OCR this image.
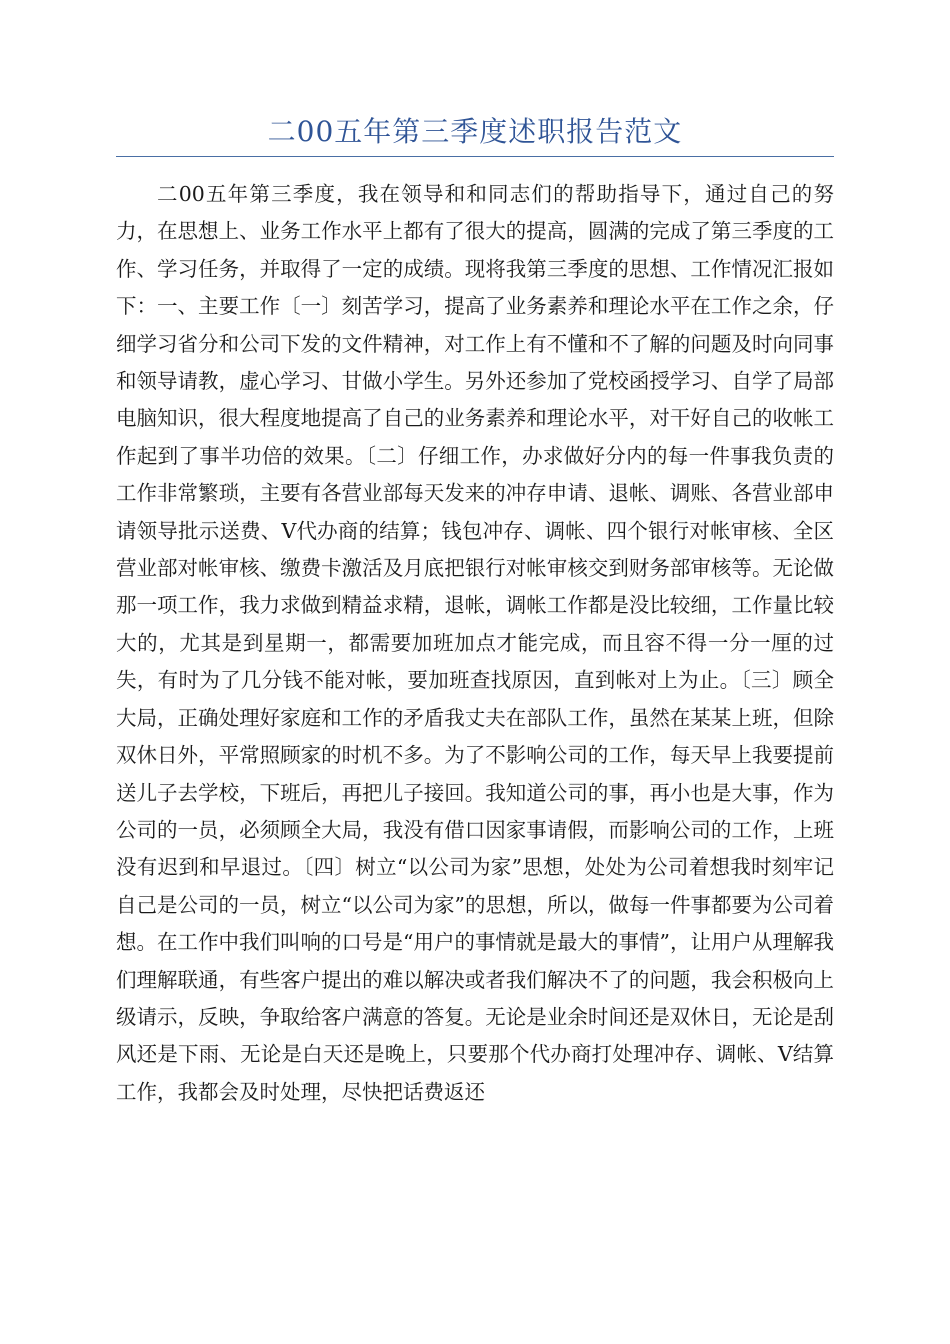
二00五年第三季度述职报告范文

二00五年第三季度，我在领导和和同志们的帮助指导下，通过自己的努力，在思想上、业务工作水平上都有了很大的提高，圆满的完成了第三季度的工作、学习任务，并取得了一定的成绩。现将我第三季度的思想、工作情况汇报如下：一、主要工作〔一〕刻苦学习，提高了业务素养和理论水平在工作之余，仔细学习省分和公司下发的文件精神，对工作上有不懂和不了解的问题及时向同事和领导请教，虚心学习、甘做小学生。另外还参加了党校函授学习、自学了局部电脑知识，很大程度地提高了自己的业务素养和理论水平，对干好自己的收帐工作起到了事半功倍的效果。〔二〕仔细工作，办求做好分内的每一件事我负责的工作非常繁琐，主要有各营业部每天发来的冲存申请、退帐、调账、各营业部申请领导批示送费、V代办商的结算；钱包冲存、调帐、四个银行对帐审核、全区营业部对帐审核、缴费卡激活及月底把银行对帐审核交到财务部审核等。无论做那一项工作，我力求做到精益求精，退帐，调帐工作都是没比较细，工作量比较大的，尤其是到星期一，都需要加班加点才能完成，而且容不得一分一厘的过失，有时为了几分钱不能对帐，要加班查找原因，直到帐对上为止。〔三〕顾全大局，正确处理好家庭和工作的矛盾我丈夫在部队工作，虽然在某某上班，但除双休日外，平常照顾家的时机不多。为了不影响公司的工作，每天早上我要提前送儿子去学校，下班后，再把儿子接回。我知道公司的事，再小也是大事，作为公司的一员，必须顾全大局，我没有借口因家事请假，而影响公司的工作，上班没有迟到和早退过。〔四〕树立“以公司为家”思想，处处为公司着想我时刻牢记自己是公司的一员，树立“以公司为家”的思想，所以，做每一件事都要为公司着想。在工作中我们叫响的口号是“用户的事情就是最大的事情”，让用户从理解我们理解联通，有些客户提出的难以解决或者我们解决不了的问题，我会积极向上级请示，反映，争取给客户满意的答复。无论是业余时间还是双休日，无论是刮风还是下雨、无论是白天还是晚上，只要那个代办商打处理冲存、调帐、V结算工作，我都会及时处理，尽快把话费返还
